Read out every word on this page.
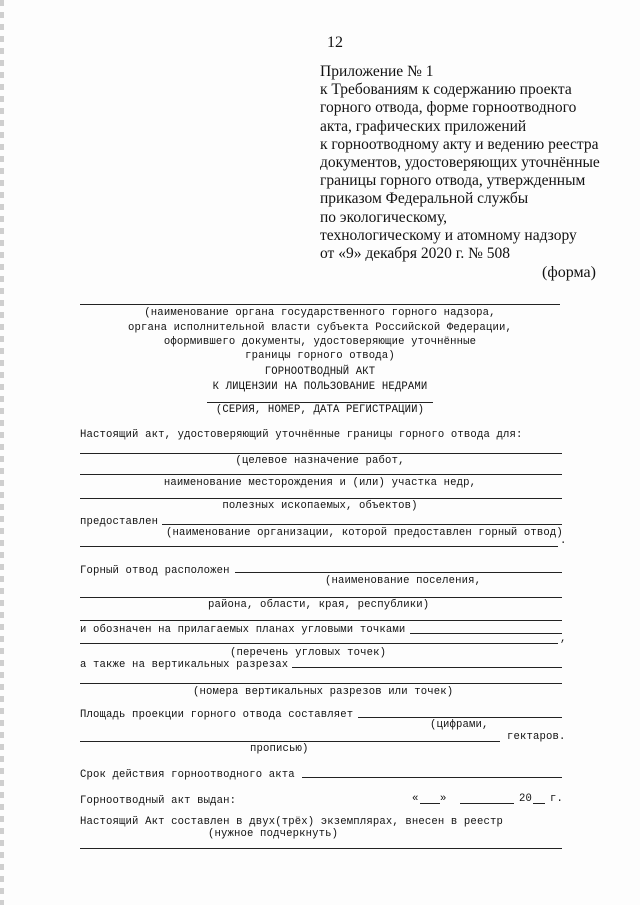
12
Приложение № 1
к Требованиям к содержанию проекта
горного отвода, форме горноотводного
акта, графических приложений
к горноотводному акту и ведению реестра
документов, удостоверяющих уточнённые
границы горного отвода, утвержденным
приказом Федеральной службы
по экологическому,
технологическому и атомному надзору
от «9» декабря 2020 г. № 508
(форма)
(наименование органа государственного горного надзора,
органа исполнительной власти субъекта Российской Федерации,
оформившего документы, удостоверяющие уточнённые
границы горного отвода)
ГОРНООТВОДНЫЙ АКТ
К ЛИЦЕНЗИИ НА ПОЛЬЗОВАНИЕ НЕДРАМИ
(СЕРИЯ, НОМЕР, ДАТА РЕГИСТРАЦИИ)
Настоящий акт, удостоверяющий уточнённые границы горного отвода для:
(целевое назначение работ,
наименование месторождения и (или) участка недр,
полезных ископаемых, объектов)
предоставлен
(наименование организации, которой предоставлен горный отвод)
.
Горный отвод расположен
(наименование поселения,
района, области, края, республики)
и обозначен на прилагаемых планах угловыми точками
,
(перечень угловых точек)
а также на вертикальных разрезах
(номера вертикальных разрезов или точек)
Площадь проекции горного отвода составляет
(цифрами,
гектаров.
прописью)
Срок действия горноотводного акта
Горноотводный акт выдан:	« »	20 г.
Настоящий Акт составлен в двух(трёх) экземплярах, внесен в реестр
(нужное подчеркнуть)
